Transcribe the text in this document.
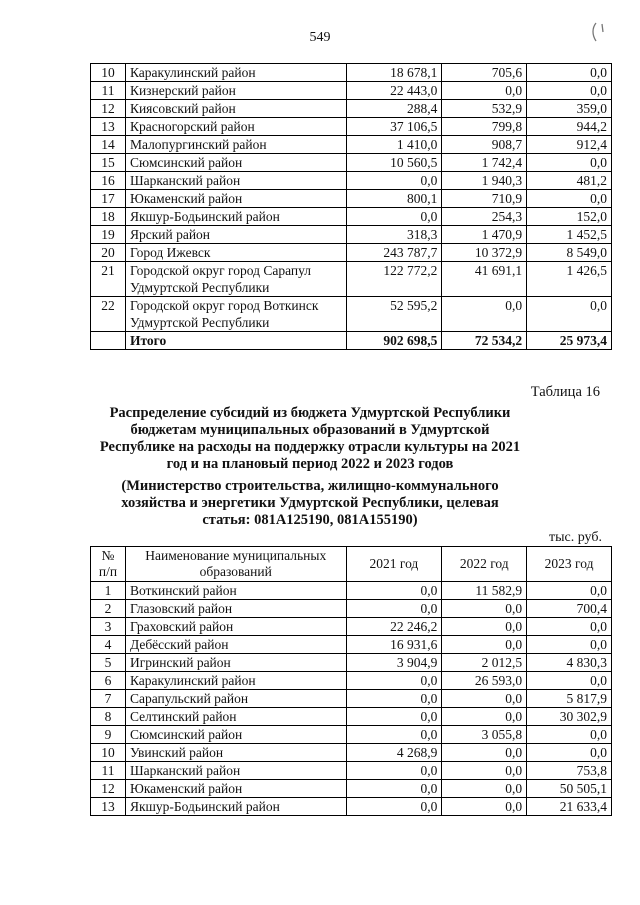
549
10	Каракулинский район	18 678,1	705,6	0,0
11	Кизнерский район	22 443,0	0,0	0,0
12	Киясовский район	288,4	532,9	359,0
13	Красногорский район	37 106,5	799,8	944,2
14	Малопургинский район	1 410,0	908,7	912,4
15	Сюмсинский район	10 560,5	1 742,4	0,0
16	Шарканский район	0,0	1 940,3	481,2
17	Юкаменский район	800,1	710,9	0,0
18	Якшур-Бодьинский район	0,0	254,3	152,0
19	Ярский район	318,3	1 470,9	1 452,5
20	Город Ижевск	243 787,7	10 372,9	8 549,0
21	Городской округ город Сарапул Удмуртской Республики	122 772,2	41 691,1	1 426,5
22	Городской округ город Воткинск Удмуртской Республики	52 595,2	0,0	0,0
	Итого	902 698,5	72 534,2	25 973,4
Таблица 16
Распределение субсидий из бюджета Удмуртской Республики бюджетам муниципальных образований в Удмуртской Республике на расходы на поддержку отрасли культуры на 2021 год и на плановый период 2022 и 2023 годов
(Министерство строительства, жилищно-коммунального хозяйства и энергетики Удмуртской Республики, целевая статья: 081A125190, 081A155190)
тыс. руб.
№ п/п	Наименование муниципальных образований	2021 год	2022 год	2023 год
1	Воткинский район	0,0	11 582,9	0,0
2	Глазовский район	0,0	0,0	700,4
3	Граховский район	22 246,2	0,0	0,0
4	Дебёсский район	16 931,6	0,0	0,0
5	Игринский район	3 904,9	2 012,5	4 830,3
6	Каракулинский район	0,0	26 593,0	0,0
7	Сарапульский район	0,0	0,0	5 817,9
8	Селтинский район	0,0	0,0	30 302,9
9	Сюмсинский район	0,0	3 055,8	0,0
10	Увинский район	4 268,9	0,0	0,0
11	Шарканский район	0,0	0,0	753,8
12	Юкаменский район	0,0	0,0	50 505,1
13	Якшур-Бодьинский район	0,0	0,0	21 633,4
